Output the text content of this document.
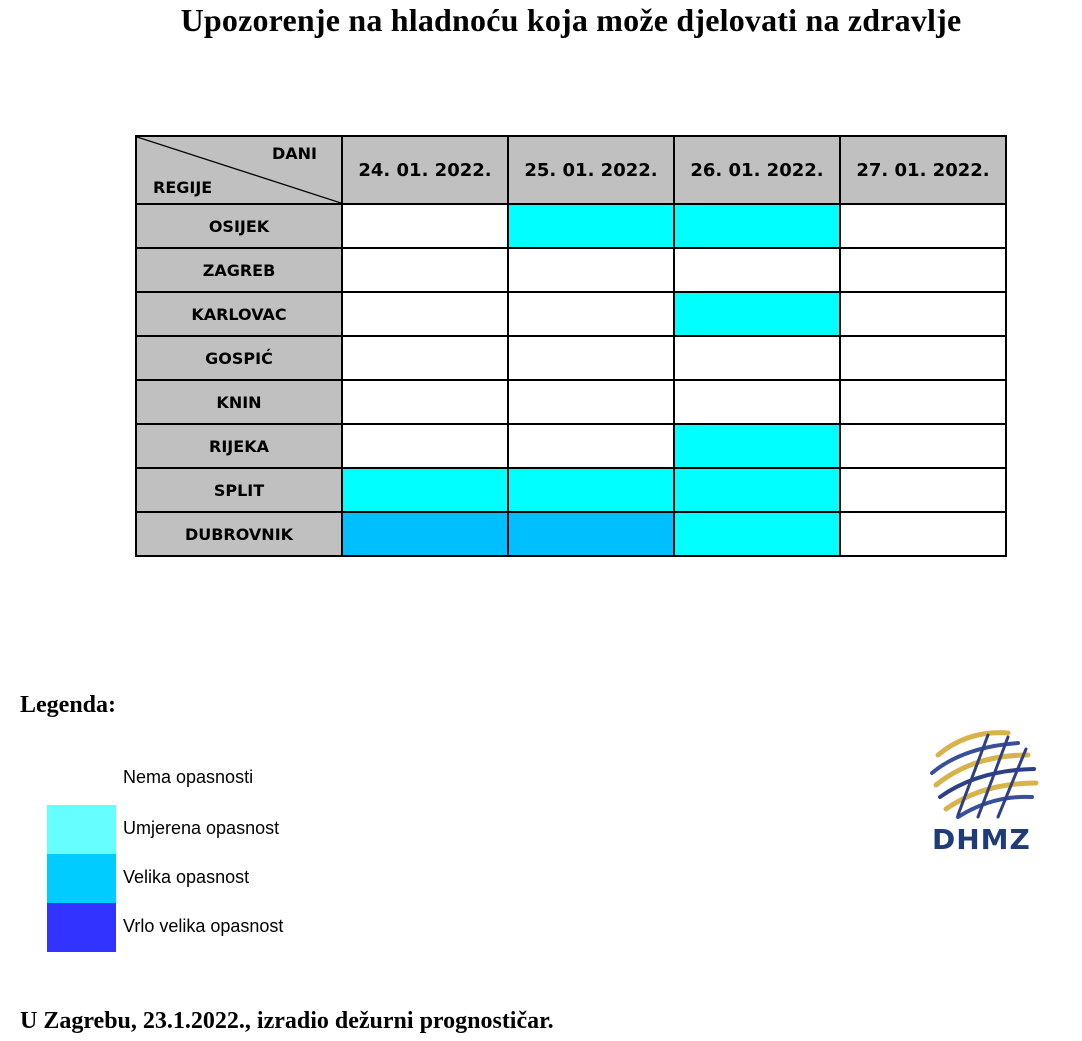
Upozorenje na hladnoću koja može djelovati na zdravlje
DANI
REGIJE	24. 01. 2022.	25. 01. 2022.	26. 01. 2022.	27. 01. 2022.
OSIJEK				
ZAGREB				
KARLOVAC				
GOSPIĆ				
KNIN				
RIJEKA				
SPLIT				
DUBROVNIK				
Legenda:
Nema opasnosti
Umjerena opasnost
Velika opasnost
Vrlo velika opasnost
DHMZ
U Zagrebu, 23.1.2022., izradio dežurni prognostičar.
